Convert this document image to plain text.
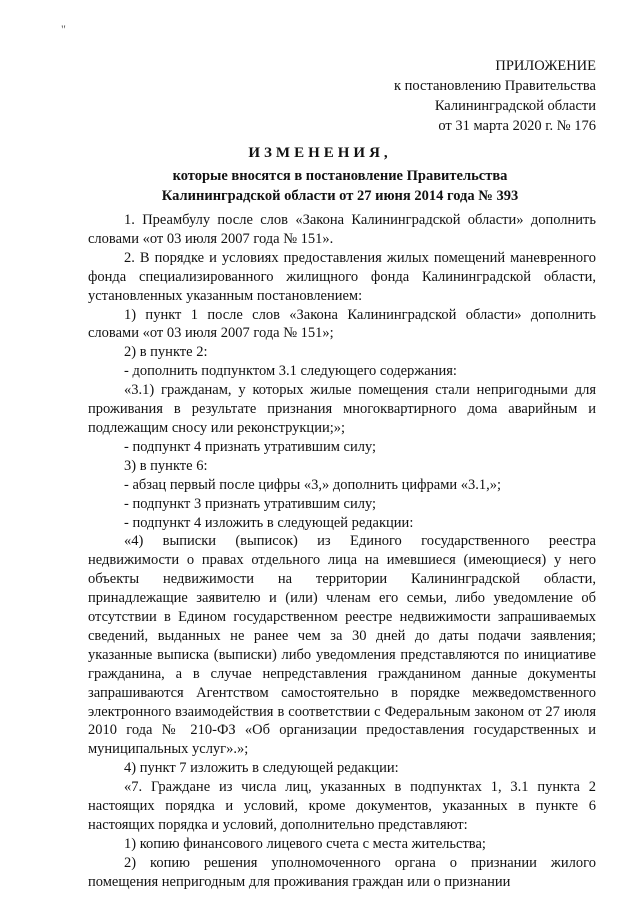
"
ПРИЛОЖЕНИЕ
к постановлению Правительства
Калининградской области
от 31 марта 2020 г. № 176
ИЗМЕНЕНИЯ,
которые вносятся в постановление Правительства
Калининградской области от 27 июня 2014 года № 393

1. Преамбулу после слов «Закона Калининградской области» дополнить словами «от 03 июля 2007 года № 151».

2. В порядке и условиях предоставления жилых помещений маневренного фонда специализированного жилищного фонда Калининградской области, установленных указанным постановлением:

1) пункт 1 после слов «Закона Калининградской области» дополнить словами «от 03 июля 2007 года № 151»;

2) в пункте 2:

- дополнить подпунктом 3.1 следующего содержания:

«3.1) гражданам, у которых жилые помещения стали непригодными для проживания в результате признания многоквартирного дома аварийным и подлежащим сносу или реконструкции;»;

- подпункт 4 признать утратившим силу;

3) в пункте 6:

- абзац первый после цифры «3,» дополнить цифрами «3.1,»;

- подпункт 3 признать утратившим силу;

- подпункт 4 изложить в следующей редакции:

«4) выписки (выписок) из Единого государственного реестра недвижимости о правах отдельного лица на имевшиеся (имеющиеся) у него объекты недвижимости на территории Калининградской области, принадлежащие заявителю и (или) членам его семьи, либо уведомление об отсутствии в Едином государственном реестре недвижимости запрашиваемых сведений, выданных не ранее чем за 30 дней до даты подачи заявления; указанные выписка (выписки) либо уведомления представляются по инициативе гражданина, а в случае непредставления гражданином данные документы запрашиваются Агентством самостоятельно в порядке межведомственного электронного взаимодействия в соответствии с Федеральным законом от 27 июля 2010 года № 210-ФЗ «Об организации предоставления государственных и муниципальных услуг».»;

4) пункт 7 изложить в следующей редакции:

«7. Граждане из числа лиц, указанных в подпунктах 1, 3.1 пункта 2 настоящих порядка и условий, кроме документов, указанных в пункте 6 настоящих порядка и условий, дополнительно представляют:

1) копию финансового лицевого счета с места жительства;

2) копию решения уполномоченного органа о признании жилого помещения непригодным для проживания граждан или о признании
